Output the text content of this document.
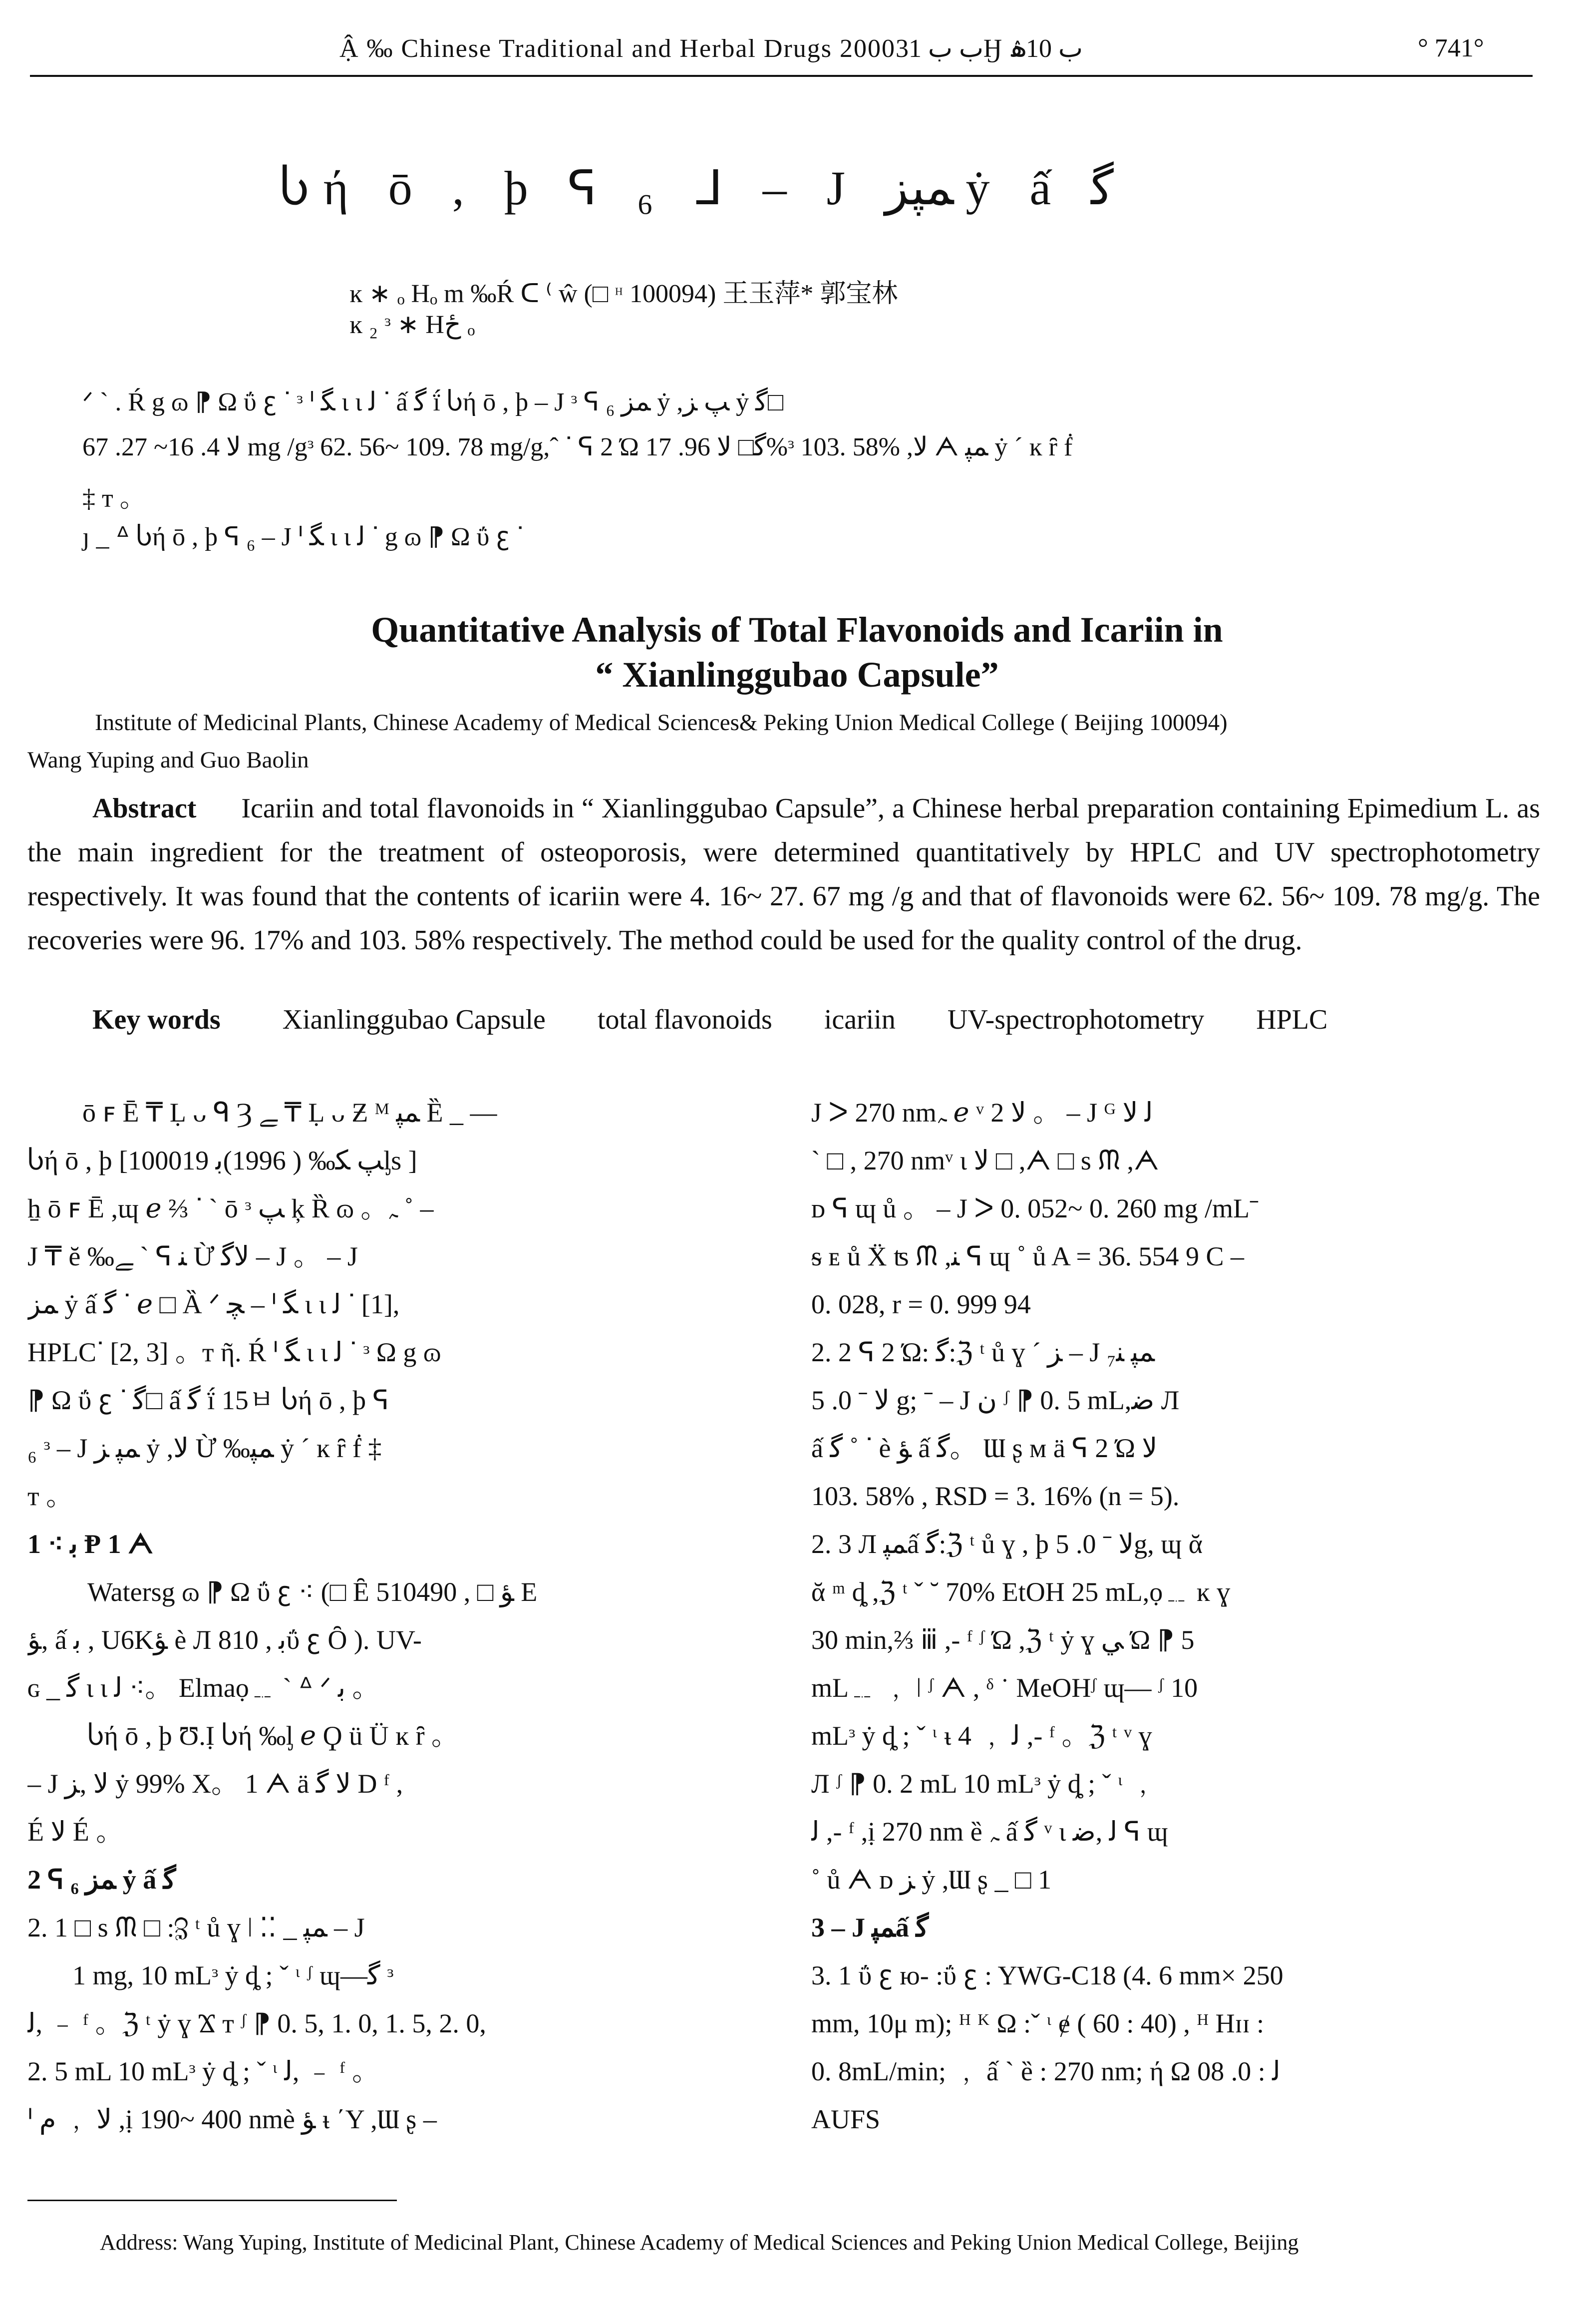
Ậ ‰ Chinese Traditional and Herbal Drugs 2000ب ب 31Ӈ ب 10ۿ	° 741°
Ⴑή ō , þ ᕋ ₆ ᒧ – J ﻤﭙﺰ ẏ ấ ﮔ
ĸ ∗ ₒ Hₒ m ‰Ŕ ᑕ ⁽ ŵ (□ ᵸ 100094) 王玉萍* 郭宝林
ĸ ₂ ᵌ ∗ Hځ ₒ
ᐟ ˋ . Ŕ g ɷ ⁋ Ω ΰ ꜫ ᐝ ᵌ ᑊ ﮕ ι ι ﻟ ᐝ ấ ﮔ ḯ Ⴑή ō , þ – J ᵌ ᕋ ₆ ﻤﺰ ẏ ,ﭗ ﺰ ẏ ﮔ□
ﻻ 4. 16~ 27. 67 mg /gᵌ 62. 56~ 109. 78 mg/g,ˆ ᐝ ᕋ 2 Ώ ﮔ□ ﻻ 96. 17%ᵌ 103. 58% ,ﻻ ᗅ ﻤﭙ ẏ ˊ ĸ ȓ ḟ
‡ ᴛ 。
ȷ _ ᐞ Ⴑή ō , þ ᕋ ₆ – J ᑊ ﮕ ι ι ﻟ ᐝ g ɷ ⁋ Ω ΰ ꜫ ᐝ
Quantitative Analysis of Total Flavonoids and Icariin in
“ Xianlinggubao Capsule”
Institute of Medicinal Plants, Chinese Academy of Medical Sciences& Peking Union Medical College ( Beijing 100094)
Wang Yuping and Guo Baolin
Abstract Icariin and total flavonoids in “ Xianlinggubao Capsule”, a Chinese herbal preparation containing Epimedium L. as the main ingredient for the treatment of osteoporosis, were determined quantitatively by HPLC and UV spectrophotometry respectively. It was found that the contents of icariin were 4. 16~ 27. 67 mg /g and that of flavonoids were 62. 56~ 109. 78 mg/g. The recoveries were 96. 17% and 103. 58% respectively. The method could be used for the quality control of the drug.
Key words Xianlinggubao Capsule total flavonoids icariin UV-spectrophotometry HPLC
ō ꜰ Ē ₸ Ḷ ᴗ ᑫ Ȝ ﮯ ₸ Ḷ ᴗ Ƶ ᴹ ﻤﭙ Ȅ _ —
Ⴑή ō , þ [ﭗ ﮑ‰ ( 1996)ﺑ 100019ᶅs ]
ẖ ō ꜰ Ē ,ɰ ℯ ⅔ ᐝ ˋ ō ᵌ ﭗ ķ Ȑ ɷ 。ﮧ ˚ –
J ₸ ĕ ‰ﮯ ˋ ᕋ ﻨ Ừ ﻻﮔ – J 。 – J
ﻤﺰ ẏ ấ ﮔ ᐝ ℯ □ Ȁ ᐟ ﭽ – ᑊ ﮕ ι ι ﻟ ᐝ [1],
HPLCᐝ [2, 3] 。ᴛ ῆ. Ŕ ᑊ ﮕ ι ι ﻟ ᐝ ᵌ Ω g ɷ
⁋ Ω ΰ ꜫ ᐝ ﮔ□ ấ ﮔ ḯ 15ㅂ Ⴑή ō , þ ᕋ
₆ ᵌ – J ﻤﭙ ﺰ ẏ ,ﻻ Ừ ‰ﻤﭙ ẏ ˊ ĸ ȓ ḟ ‡
ᴛ 。
1 ⁖ ﺑ Ᵽ 1 ᗅ
Watersg ɷ ⁋ Ω ΰ ꜫ ⁖ (□ Ȇ 510ﺆ □ , 490 E
ﺆ, ấ ﺑ , U6Kﺆ è Л ﺑ , 810ΰ ꜫ Ȏ ). UV-
ɢ _ ﮔ ι ι ﻟ ⁖。 Elmaọ﹎ ˋ ᐞ ᐟ ﺑ 。
Ⴑή ō , þ Ʊ.Ị Ⴑή ‰ᶅ ℯ Ϙ ü Ü ĸ ȓ 。
– J ﻻ ,ﺰ ẏ 99% X。 1 ᗅ ä ﻻ ﮔ D ᶠ ,
É ﻻ É 。
2 ᕋ ₆ ﻤﺰ ẏ ấ ﮔ
2. 1 □ s ᙏ □ :ℨ ᵗ ů ɣ ǀ ⁚⁚ _ ﻤﭙ – J
1 mg, 10 mLᶟ ẏ ȡ ; ˇ ᶥ ᶴ ɰ—ﮔ ᵌ
ﻟ, ﹣ ᶠ 。ℨ ᵗ ẏ ɣ Ϫ ᴛ ᶴ ⁋ 0. 5, 1. 0, 1. 5, 2. 0,
2. 5 mL 10 mLᶟ ẏ ȡ ; ˇ ᶥ ﻟ, ﹣ ᶠ 。
ᑊ ﻻ ﹐ ﻡ ,ị 190~ 400 nmè ﺆ ᵼ ΄Y ,Ɯ ʂ –
J ᐳ 270 nmﮧ ℯ ᵛ 2 ﻻ 。 – J ᴳ ﻟ ﻻ
ˋ □ , 270 nmᵛ ι ﻻ □ ,ᗅ □ s ᙏ ,ᗅ
ᴅ ᕋ ɰ ů 。 – J ᐳ 0. 052~ 0. 260 mg /mLˉ
ᵴ ᴇ ů Ẍ ʦ ᙏ ,ﻨ ᕋ ɰ ˚ ů A = 36. 554 9 C –
0. 028, r = 0. 999 94
2. 2 ᕋ 2 Ώ: ﮔ:ℨ ᵗ ů ɣ ˊ ﺰ – J ﻤﭙ ﻨ₇
ﻻ ˉ 0. 5 g; ˉ – J ﻥ ᶴ ⁋ 0. 5 mL,ﺿ Л
ấ ﮔ ˚ ᐝ è ﺆ ấ ﮔ。 Ɯ ʂ ᴍ ä ᕋ 2 Ώ ﻻ
103. 58% , RSD = 3. 16% (n = 5).
2. 3 Л ﻤﭙấ ﮔ:ℨ ᵗ ů ɣ , þ ﻻ ˉ 0. 5g, ɰ ᾰ
ᾰ ᵐ ȡ ,ℨ ᵗ ˇ ˘ 70% EtOH 25 mL,ọ﹎ ĸ ɣ
30 min,⅔ ⅲ ,- ᶠ ᶴ Ώ ,ℨ ᵗ ẏ ɣ ﻲ Ώ ⁋ 5
mL﹎ ﹐ ǀ ᶴ ᗅ , ᵟ ˙ MeOHᶴ ɰ— ᶴ 10
mLᶟ ẏ ȡ ; ˇ ᶥ ᵼ 4 ﹐ ﻟ ,- ᶠ 。ℨ ᵗ ᵛ ɣ
Л ᶴ ⁋ 0. 2 mL 10 mLᶟ ẏ ȡ ; ˇ ᶥ ﹐
ﻟ ,- ᶠ ,ị 270 nm ȅ ﮧ ấ ﮔ ᵛ ι ﻟ ,ﺿ ᕋ ɰ
˚ ů ᗅ ᴅ ﺰ ẏ ,Ɯ ʂ _ □ 1
3 – J ﻤﭙấ ﮔ
3. 1 ΰ ꜫ ю- :ΰ ꜫ : YWG-C18 (4. 6 mm× 250
mm, 10μ m); ᴴ ᴷ Ω :ˇ ᶥ ɇ ( 60 : 40) , ᴴ Hɪɪ :
0. 8mL/min; ﹐ ấ ˋ ȅ : 270 nm; ή Ω ﻟ : 0. 08
AUFS
Address: Wang Yuping, Institute of Medicinal Plant, Chinese Academy of Medical Sciences and Peking Union Medical College, Beijing
